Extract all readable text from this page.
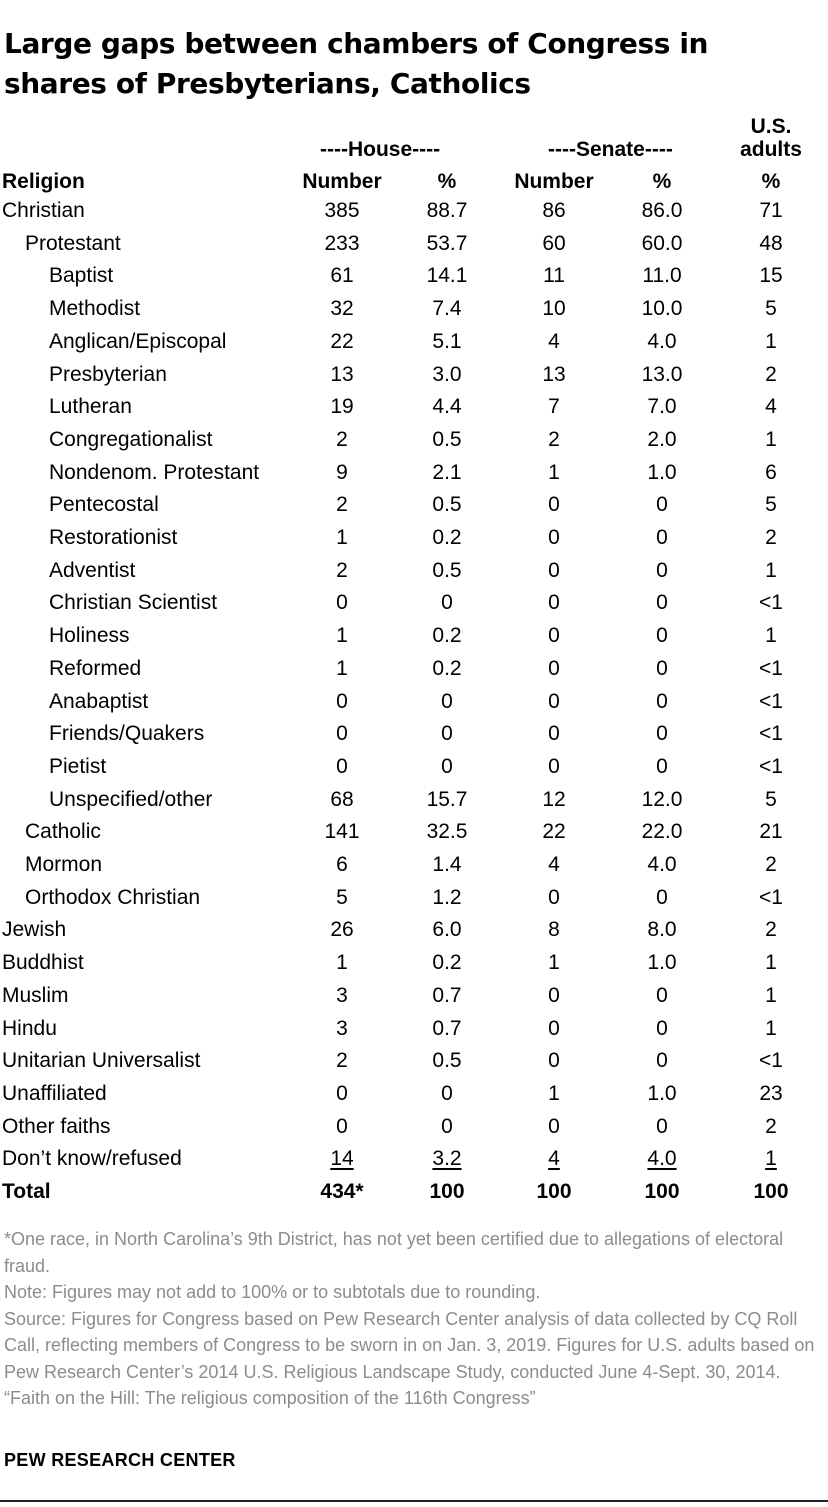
Large gaps between chambers of Congress in shares of Presbyterians, Catholics
----House----	----Senate----
U.S.
adults
Religion	Number	%	Number	%	%
Christian	385	88.7	86	86.0	71
Protestant	233	53.7	60	60.0	48
Baptist	61	14.1	11	11.0	15
Methodist	32	7.4	10	10.0	5
Anglican/Episcopal	22	5.1	4	4.0	1
Presbyterian	13	3.0	13	13.0	2
Lutheran	19	4.4	7	7.0	4
Congregationalist	2	0.5	2	2.0	1
Nondenom. Protestant	9	2.1	1	1.0	6
Pentecostal	2	0.5	0	0	5
Restorationist	1	0.2	0	0	2
Adventist	2	0.5	0	0	1
Christian Scientist	0	0	0	0	<1
Holiness	1	0.2	0	0	1
Reformed	1	0.2	0	0	<1
Anabaptist	0	0	0	0	<1
Friends/Quakers	0	0	0	0	<1
Pietist	0	0	0	0	<1
Unspecified/other	68	15.7	12	12.0	5
Catholic	141	32.5	22	22.0	21
Mormon	6	1.4	4	4.0	2
Orthodox Christian	5	1.2	0	0	<1
Jewish	26	6.0	8	8.0	2
Buddhist	1	0.2	1	1.0	1
Muslim	3	0.7	0	0	1
Hindu	3	0.7	0	0	1
Unitarian Universalist	2	0.5	0	0	<1
Unaffiliated	0	0	1	1.0	23
Other faiths	0	0	0	0	2
Don’t know/refused	14	3.2	4	4.0	1
Total	434*	100	100	100	100
*One race, in North Carolina’s 9th District, has not yet been certified due to allegations of electoral fraud.
Note: Figures may not add to 100% or to subtotals due to rounding.
Source: Figures for Congress based on Pew Research Center analysis of data collected by CQ Roll Call, reflecting members of Congress to be sworn in on Jan. 3, 2019. Figures for U.S. adults based on Pew Research Center’s 2014 U.S. Religious Landscape Study, conducted June 4-Sept. 30, 2014.
“Faith on the Hill: The religious composition of the 116th Congress”
PEW RESEARCH CENTER
